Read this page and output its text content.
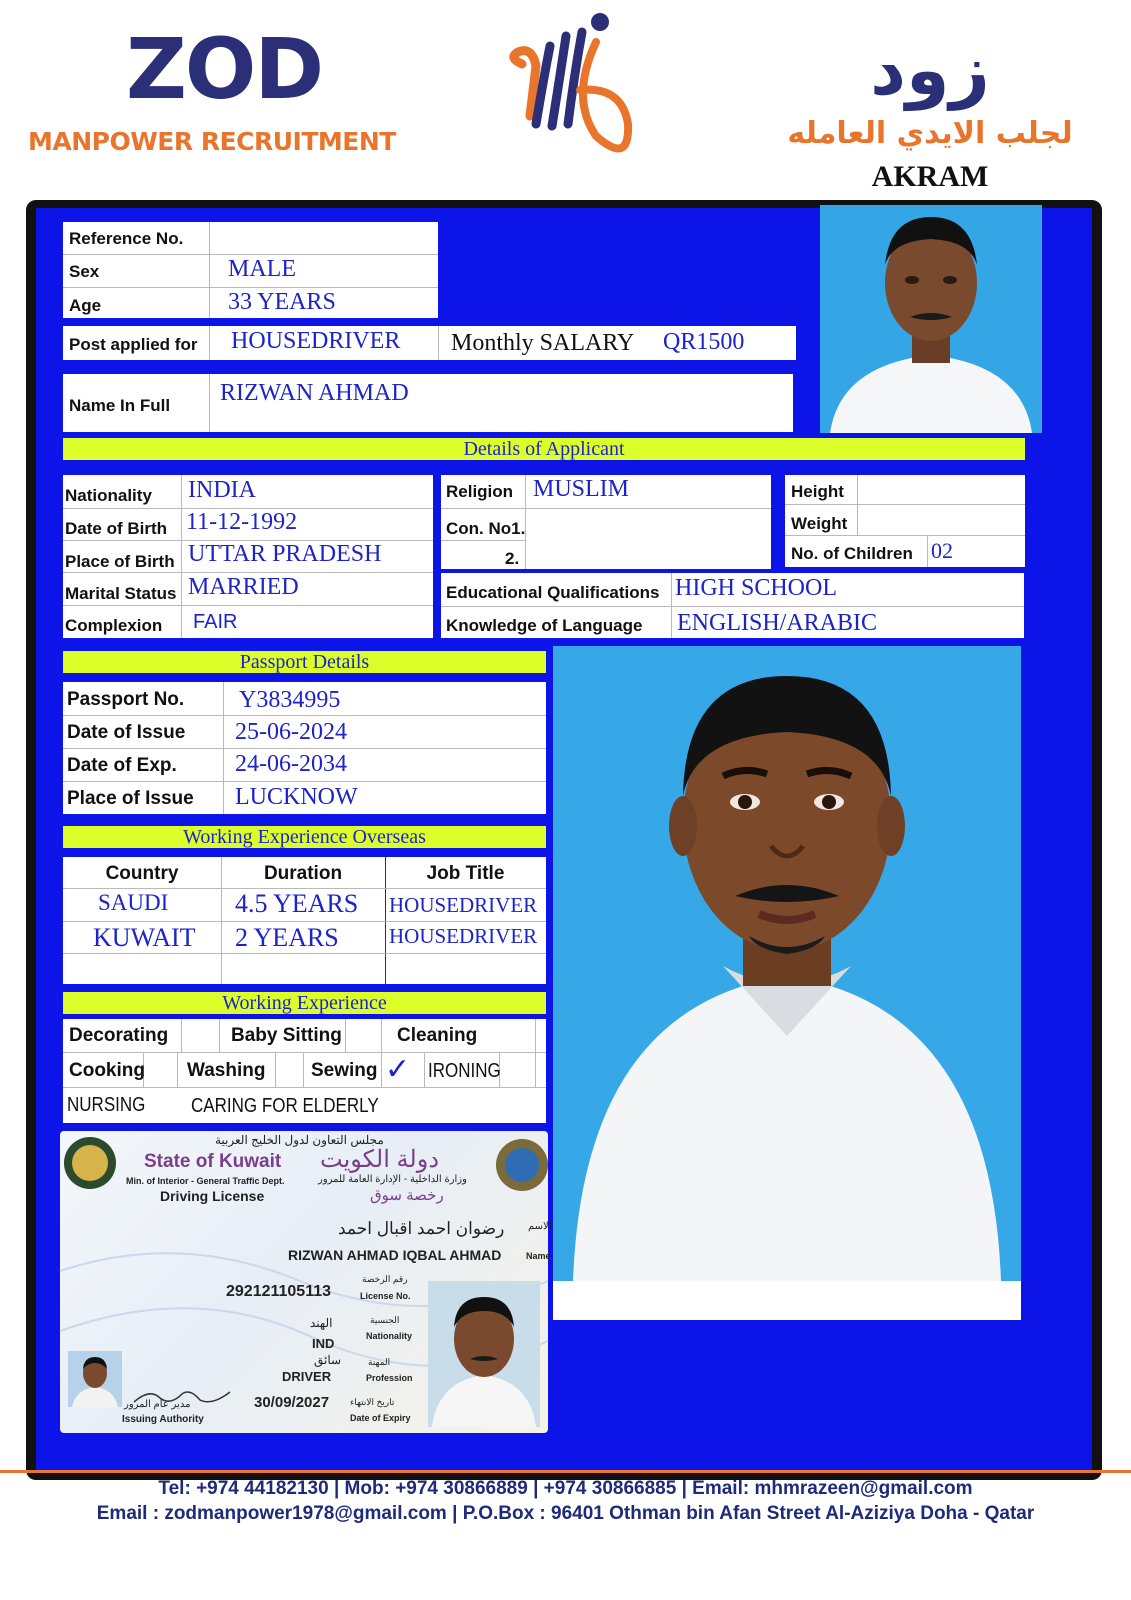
ZOD
MANPOWER RECRUITMENT
زود
لجلب الايدي العامله
AKRAM
Reference No.
Sex	MALE
Age	33 YEARS
Post applied for HOUSEDRIVER Monthly SALARY QR1500
Name In Full RIZWAN AHMAD
Details of Applicant
Nationality INDIA
Date of Birth 11-12-1992
Place of Birth UTTAR PRADESH
Marital Status MARRIED
Complexion FAIR
Religion MUSLIM
Con. No1.
2.
Height
Weight
No. of Children 02
Educational Qualifications HIGH SCHOOL
Knowledge of Language ENGLISH/ARABIC
Passport Details
Passport No. Y3834995
Date of Issue 25-06-2024
Date of Exp. 24-06-2034
Place of Issue LUCKNOW
Working Experience Overseas
Country	Duration	Job Title
SAUDI	4.5 YEARS HOUSEDRIVER
KUWAIT 2 YEARS HOUSEDRIVER
Working Experience
Decorating	Baby Sitting	Cleaning
Cooking Washing Sewing ✓ IRONING
NURSING CARING FOR ELDERLY
مجلس التعاون لدول الخليج العربية
State of Kuwait دولة الكويت
Min. of Interior - General Traffic Dept.	وزارة الداخلية - الإدارة العامة للمرور
Driving License	رخصة سوق
الاسم
Name
رضوان احمد اقبال احمد
RIZWAN AHMAD IQBAL AHMAD
292121105113
رقم الرخصة
License No.
الهند
IND
الجنسية
Nationality
سائق
DRIVER
المهنة
Profession
30/09/2027 تاريخ الانتهاء
Date of Expiry
مدير عام المرور
Issuing Authority
Tel: +974 44182130 | Mob: +974 30866889 | +974 30866885 | Email: mhmrazeen@gmail.com
Email : zodmanpower1978@gmail.com | P.O.Box : 96401 Othman bin Afan Street Al-Aziziya Doha - Qatar
